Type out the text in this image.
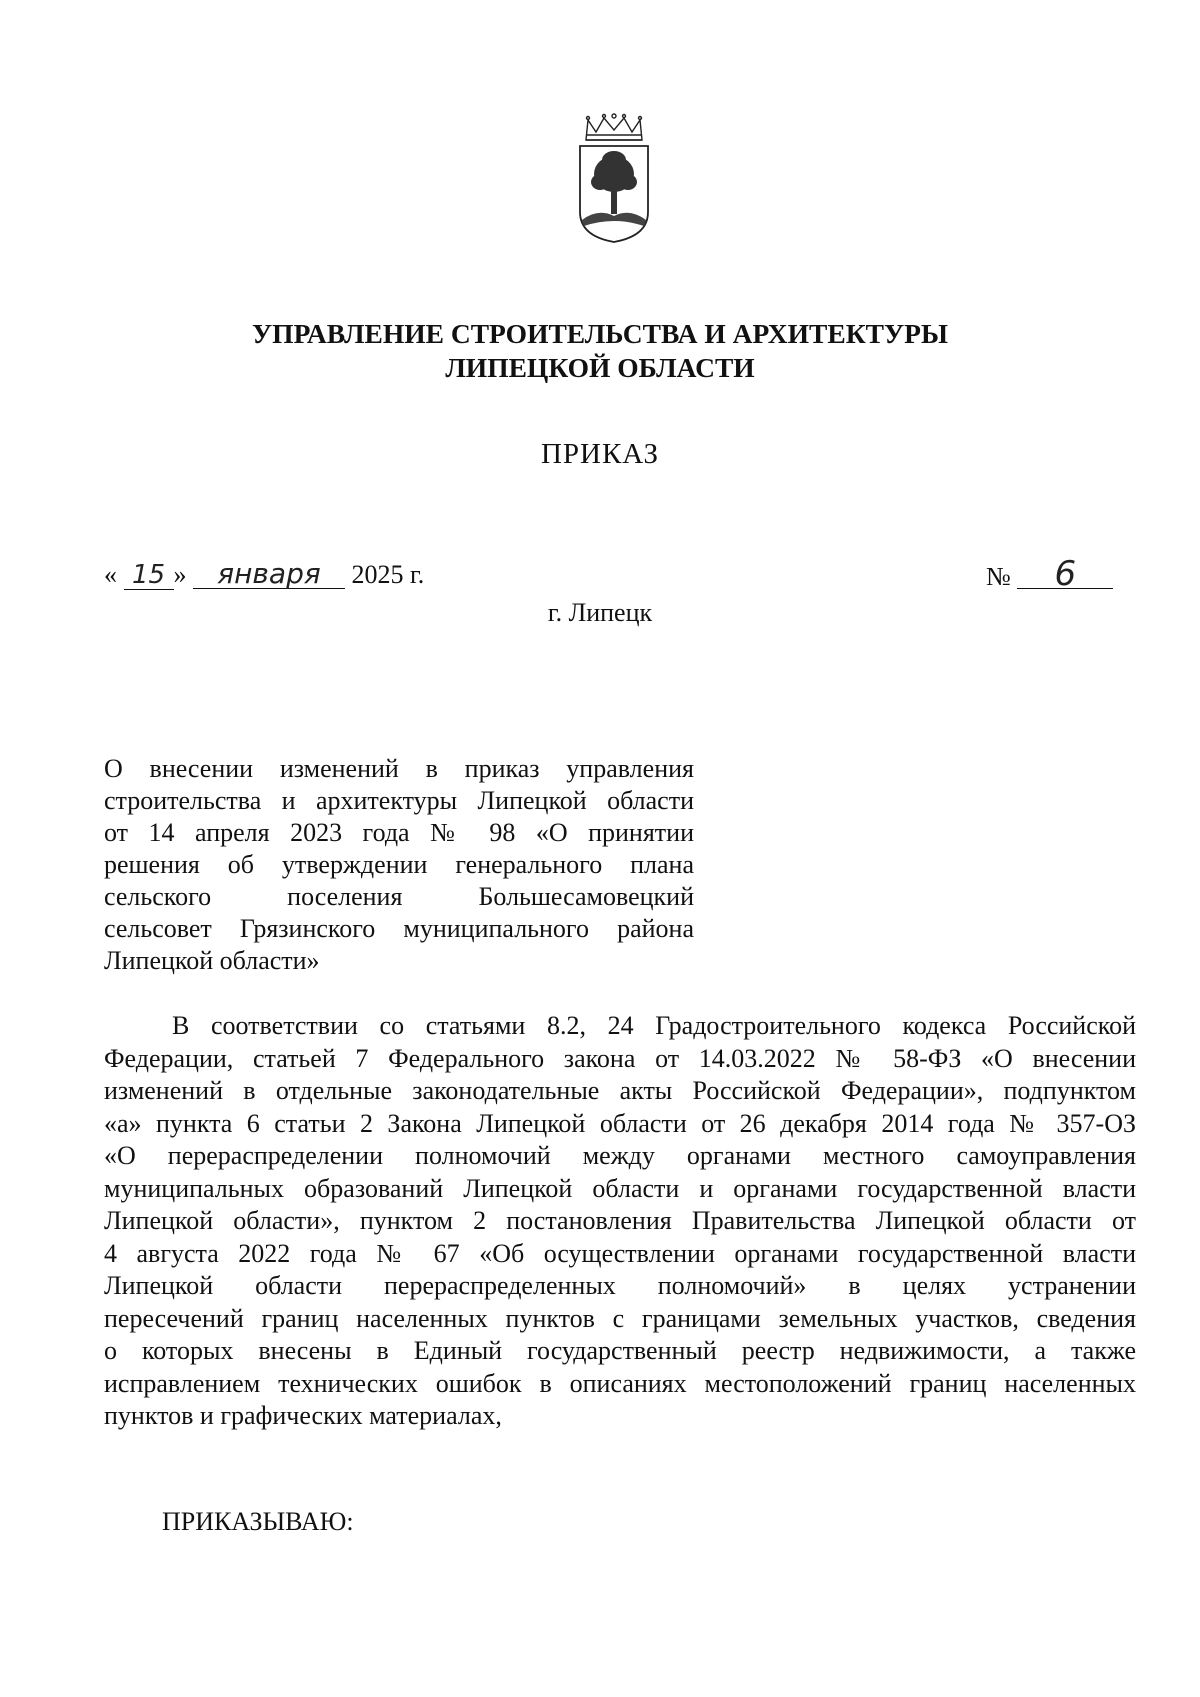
УПРАВЛЕНИЕ СТРОИТЕЛЬСТВА И АРХИТЕКТУРЫ
ЛИПЕЦКОЙ ОБЛАСТИ
ПРИКАЗ
« 15 » января 2025 г.	№ 6
г. Липецк
О внесении изменений в приказ управления
строительства и архитектуры Липецкой области
от 14 апреля 2023 года № 98 «О принятии
решения об утверждении генерального плана
сельского поселения Большесамовецкий
сельсовет Грязинского муниципального района
Липецкой области»
В соответствии со статьями 8.2, 24 Градостроительного кодекса Российской
Федерации, статьей 7 Федерального закона от 14.03.2022 № 58-ФЗ «О внесении
изменений в отдельные законодательные акты Российской Федерации», подпунктом
«а» пункта 6 статьи 2 Закона Липецкой области от 26 декабря 2014 года № 357-ОЗ
«О перераспределении полномочий между органами местного самоуправления
муниципальных образований Липецкой области и органами государственной власти
Липецкой области», пунктом 2 постановления Правительства Липецкой области от
4 августа 2022 года № 67 «Об осуществлении органами государственной власти
Липецкой области перераспределенных полномочий» в целях устранении
пересечений границ населенных пунктов с границами земельных участков, сведения
о которых внесены в Единый государственный реестр недвижимости, а также
исправлением технических ошибок в описаниях местоположений границ населенных
пунктов и графических материалах,
ПРИКАЗЫВАЮ:
